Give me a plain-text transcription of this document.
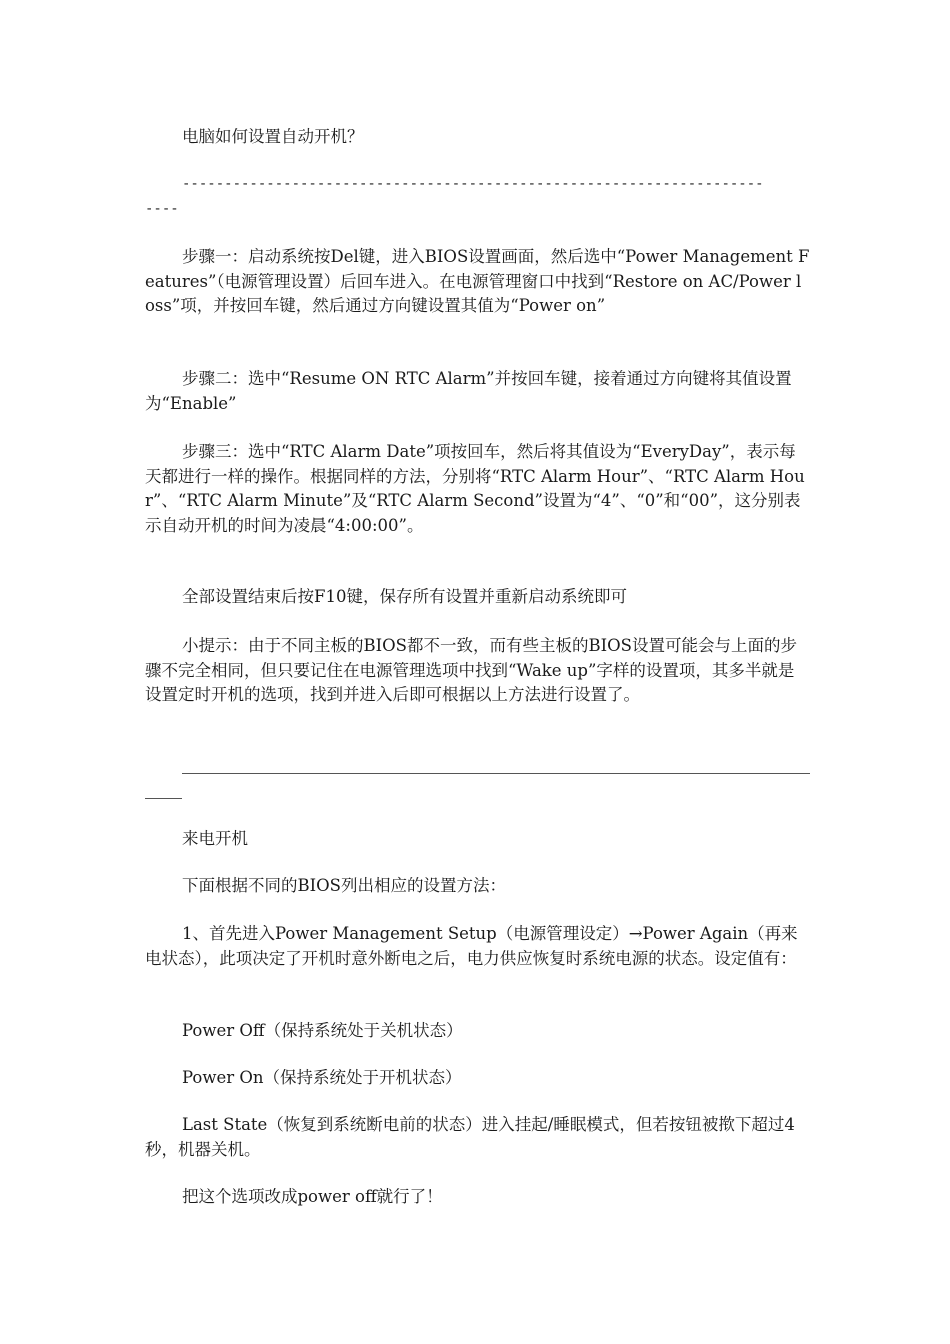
电脑如何设置自动开机？

---------------------------------------------------------------------
----

步骤一：启动系统按Del键，进入BIOS设置画面，然后选中“Power Management Features”（电源管理设置）后回车进入。在电源管理窗口中找到“Restore on AC/Power loss”项，并按回车键，然后通过方向键设置其值为“Power on”

步骤二：选中“Resume ON RTC Alarm”并按回车键，接着通过方向键将其值设置为“Enable”

步骤三：选中“RTC Alarm Date”项按回车，然后将其值设为“EveryDay”，表示每天都进行一样的操作。根据同样的方法，分别将“RTC Alarm Hour”、“RTC Alarm Hour”、“RTC Alarm Minute”及“RTC Alarm Second”设置为“4”、“0”和“00”，这分别表示自动开机的时间为凌晨“4:00:00”。

全部设置结束后按F10键，保存所有设置并重新启动系统即可

小提示：由于不同主板的BIOS都不一致，而有些主板的BIOS设置可能会与上面的步骤不完全相同，但只要记住在电源管理选项中找到“Wake up”字样的设置项，其多半就是设置定时开机的选项，找到并进入后即可根据以上方法进行设置了。

来电开机

下面根据不同的BIOS列出相应的设置方法：

1、首先进入Power Management Setup（电源管理设定）→Power Again（再来电状态），此项决定了开机时意外断电之后，电力供应恢复时系统电源的状态。设定值有：

Power Off（保持系统处于关机状态）

Power On（保持系统处于开机状态）

Last State（恢复到系统断电前的状态）进入挂起/睡眠模式，但若按钮被揿下超过4秒，机器关机。

把这个选项改成power off就行了！
